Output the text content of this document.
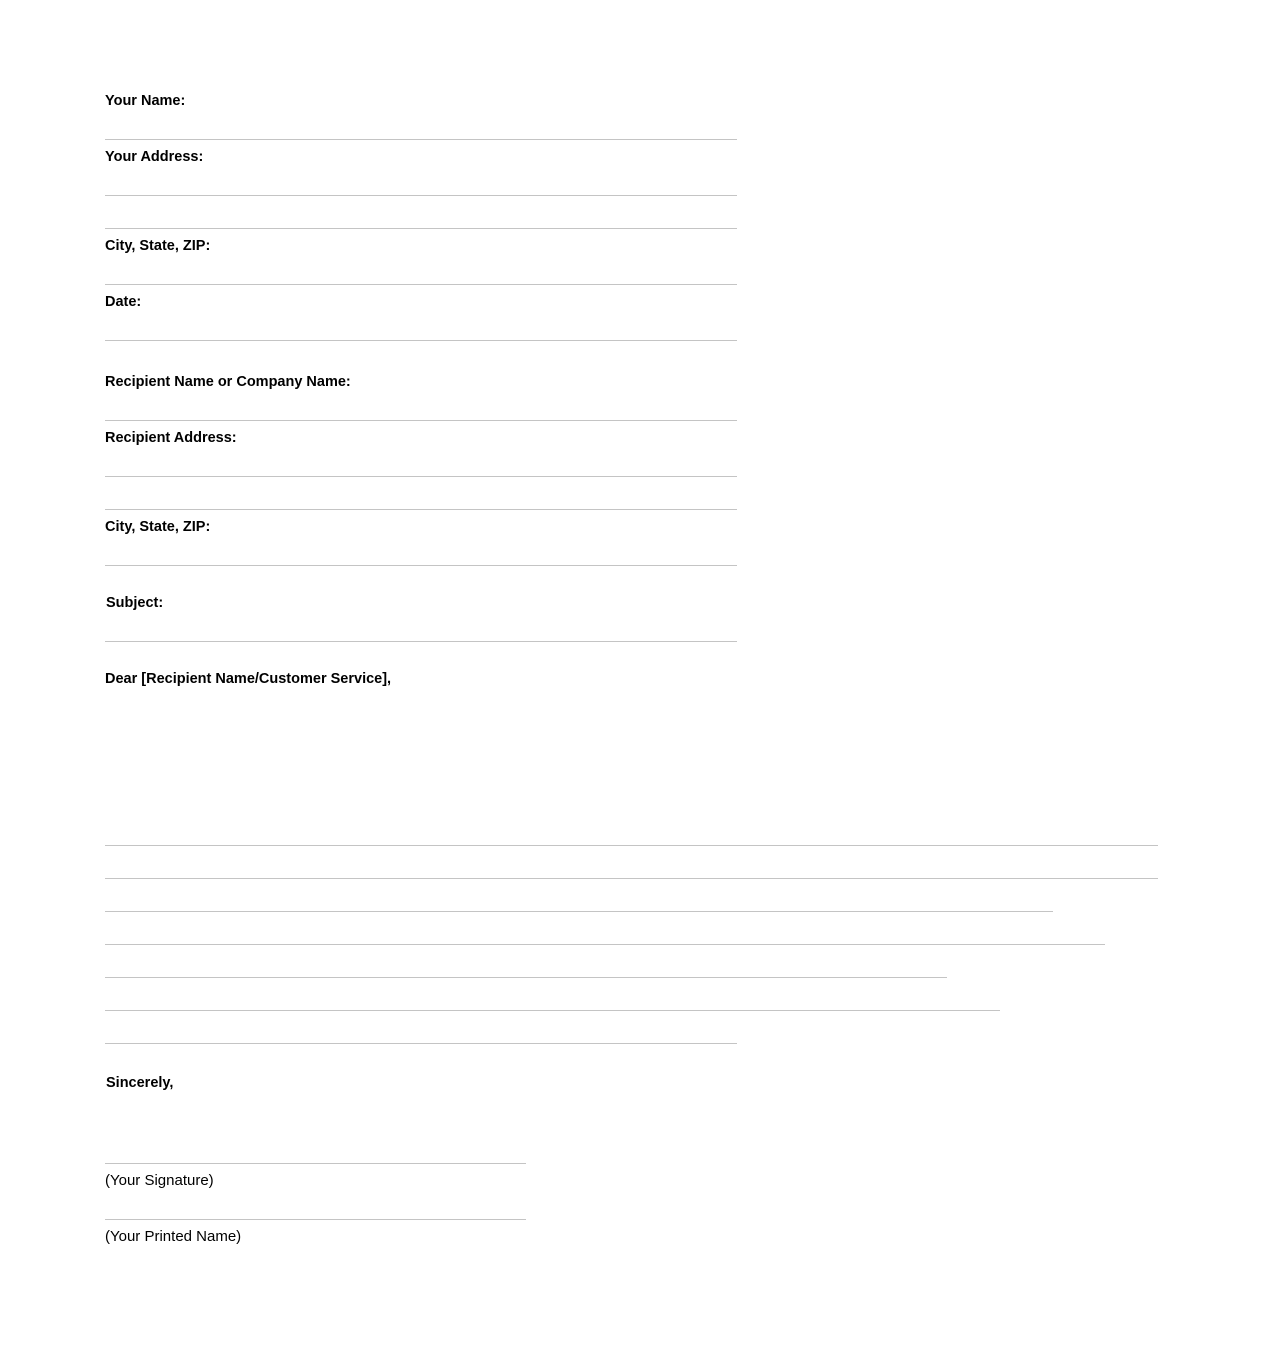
Your Name:
Your Address:
City, State, ZIP:
Date:
Recipient Name or Company Name:
Recipient Address:
City, State, ZIP:
Subject:
Dear [Recipient Name/Customer Service],
Sincerely,
(Your Signature)
(Your Printed Name)
